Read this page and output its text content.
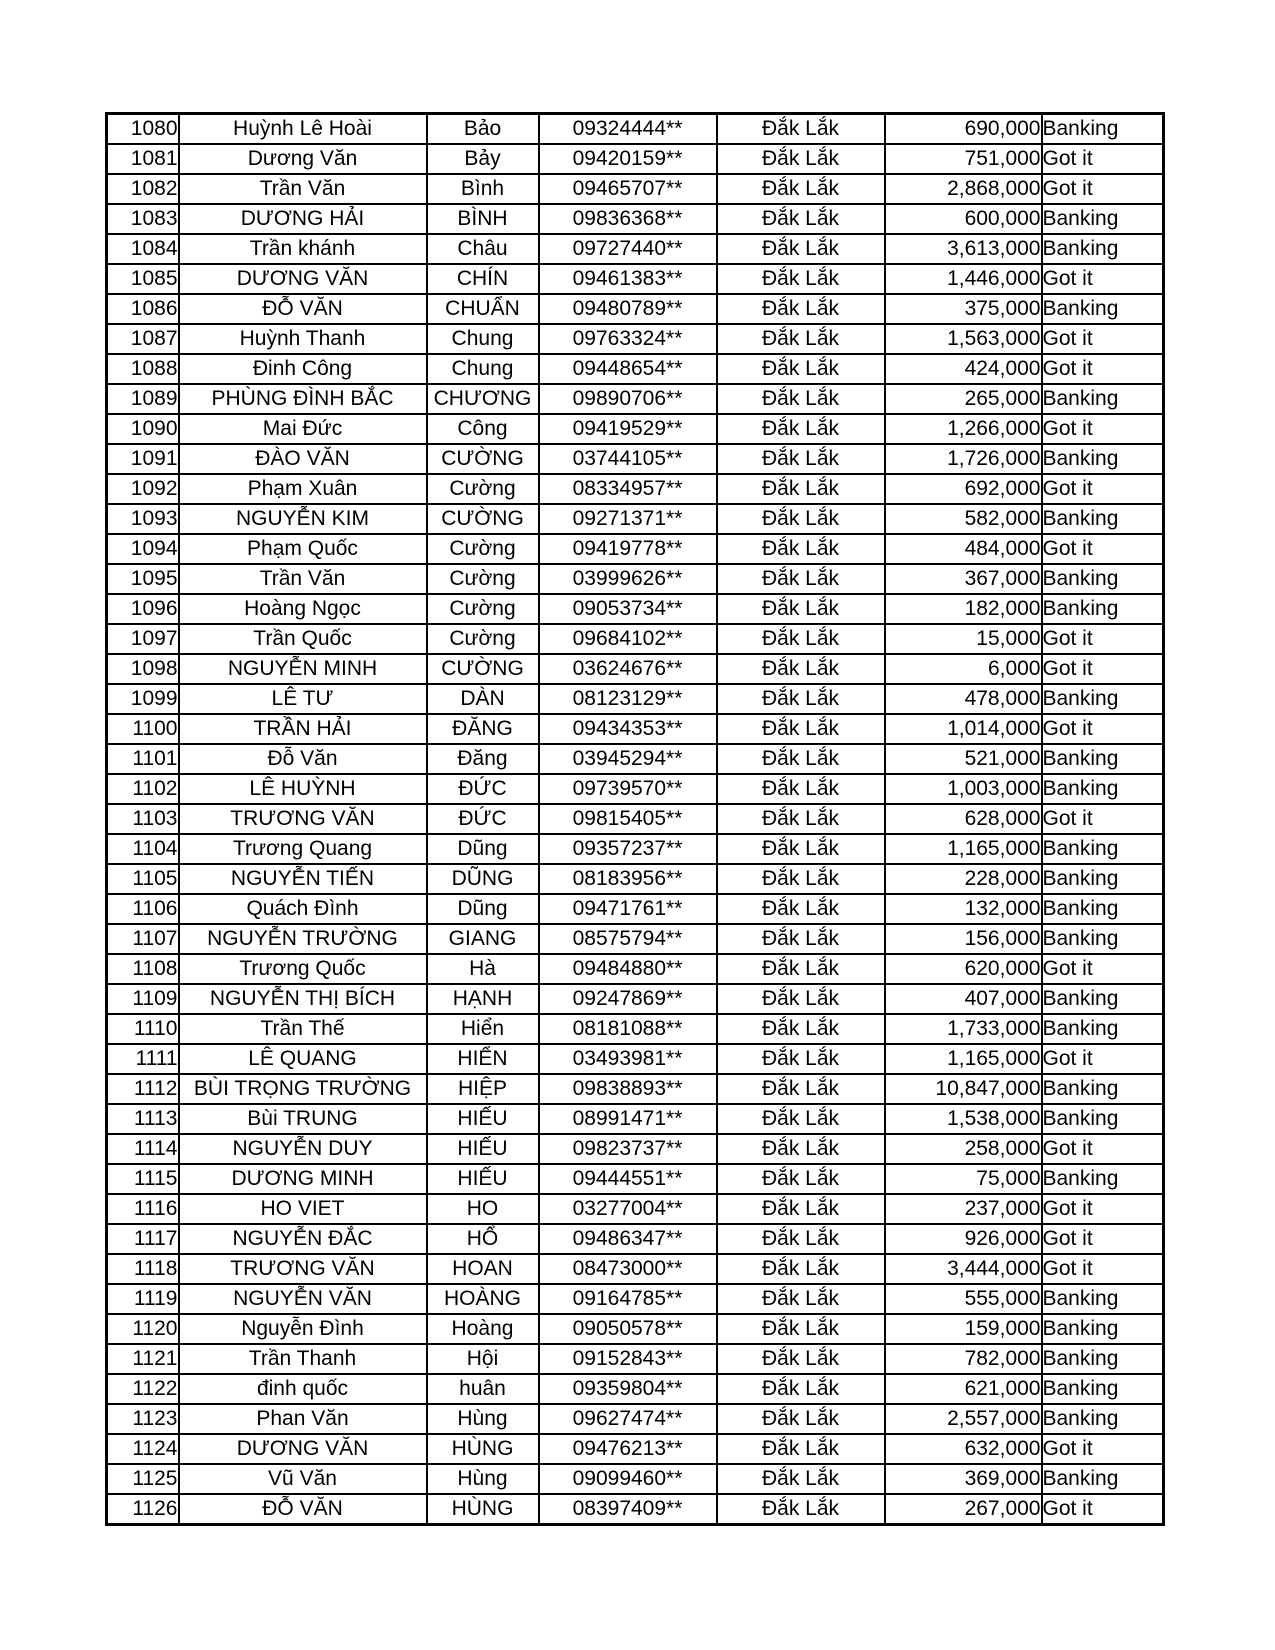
1080	Huỳnh Lê Hoài	Bảo	09324444**	Đắk Lắk	690,000	Banking
1081	Dương Văn	Bảy	09420159**	Đắk Lắk	751,000	Got it
1082	Trần Văn	Bình	09465707**	Đắk Lắk	2,868,000	Got it
1083	DƯƠNG HẢI	BÌNH	09836368**	Đắk Lắk	600,000	Banking
1084	Trần khánh	Châu	09727440**	Đắk Lắk	3,613,000	Banking
1085	DƯƠNG VĂN	CHÍN	09461383**	Đắk Lắk	1,446,000	Got it
1086	ĐỖ VĂN	CHUẨN	09480789**	Đắk Lắk	375,000	Banking
1087	Huỳnh Thanh	Chung	09763324**	Đắk Lắk	1,563,000	Got it
1088	Đinh Công	Chung	09448654**	Đắk Lắk	424,000	Got it
1089	PHÙNG ĐÌNH BẮC	CHƯƠNG	09890706**	Đắk Lắk	265,000	Banking
1090	Mai Đức	Công	09419529**	Đắk Lắk	1,266,000	Got it
1091	ĐÀO VĂN	CƯỜNG	03744105**	Đắk Lắk	1,726,000	Banking
1092	Phạm Xuân	Cường	08334957**	Đắk Lắk	692,000	Got it
1093	NGUYỄN KIM	CƯỜNG	09271371**	Đắk Lắk	582,000	Banking
1094	Phạm Quốc	Cường	09419778**	Đắk Lắk	484,000	Got it
1095	Trần Văn	Cường	03999626**	Đắk Lắk	367,000	Banking
1096	Hoàng Ngọc	Cường	09053734**	Đắk Lắk	182,000	Banking
1097	Trần Quốc	Cường	09684102**	Đắk Lắk	15,000	Got it
1098	NGUYỄN MINH	CƯỜNG	03624676**	Đắk Lắk	6,000	Got it
1099	LÊ TƯ	DÀN	08123129**	Đắk Lắk	478,000	Banking
1100	TRẦN HẢI	ĐĂNG	09434353**	Đắk Lắk	1,014,000	Got it
1101	Đỗ Văn	Đăng	03945294**	Đắk Lắk	521,000	Banking
1102	LÊ HUỲNH	ĐỨC	09739570**	Đắk Lắk	1,003,000	Banking
1103	TRƯƠNG VĂN	ĐỨC	09815405**	Đắk Lắk	628,000	Got it
1104	Trương Quang	Dũng	09357237**	Đắk Lắk	1,165,000	Banking
1105	NGUYỄN TIẾN	DŨNG	08183956**	Đắk Lắk	228,000	Banking
1106	Quách Đình	Dũng	09471761**	Đắk Lắk	132,000	Banking
1107	NGUYỄN TRƯỜNG	GIANG	08575794**	Đắk Lắk	156,000	Banking
1108	Trương Quốc	Hà	09484880**	Đắk Lắk	620,000	Got it
1109	NGUYỄN THỊ BÍCH	HẠNH	09247869**	Đắk Lắk	407,000	Banking
1110	Trần Thế	Hiển	08181088**	Đắk Lắk	1,733,000	Banking
1111	LÊ QUANG	HIỂN	03493981**	Đắk Lắk	1,165,000	Got it
1112	BÙI TRỌNG TRƯỜNG	HIỆP	09838893**	Đắk Lắk	10,847,000	Banking
1113	Bùi TRUNG	HIẾU	08991471**	Đắk Lắk	1,538,000	Banking
1114	NGUYỄN DUY	HIẾU	09823737**	Đắk Lắk	258,000	Got it
1115	DƯƠNG MINH	HIẾU	09444551**	Đắk Lắk	75,000	Banking
1116	HO VIET	HO	03277004**	Đắk Lắk	237,000	Got it
1117	NGUYỄN ĐẮC	HỔ	09486347**	Đắk Lắk	926,000	Got it
1118	TRƯƠNG VĂN	HOAN	08473000**	Đắk Lắk	3,444,000	Got it
1119	NGUYỄN VĂN	HOÀNG	09164785**	Đắk Lắk	555,000	Banking
1120	Nguyễn Đình	Hoàng	09050578**	Đắk Lắk	159,000	Banking
1121	Trần Thanh	Hội	09152843**	Đắk Lắk	782,000	Banking
1122	đinh quốc	huân	09359804**	Đắk Lắk	621,000	Banking
1123	Phan Văn	Hùng	09627474**	Đắk Lắk	2,557,000	Banking
1124	DƯƠNG VĂN	HÙNG	09476213**	Đắk Lắk	632,000	Got it
1125	Vũ Văn	Hùng	09099460**	Đắk Lắk	369,000	Banking
1126	ĐỖ VĂN	HÙNG	08397409**	Đắk Lắk	267,000	Got it
